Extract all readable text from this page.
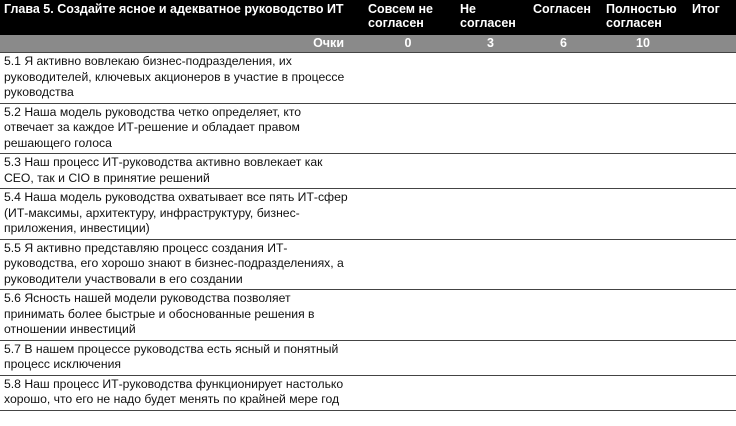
Глава 5. Создайте ясное и адекватное руководство ИТ	Совсем не согласен	Не согласен	Согласен	Полностью согласен	Итог
Очки	0	3	6	10	
5.1 Я активно вовлекаю бизнес-подразделения, их руководителей, ключевых акционеров в участие в процессе руководства					
5.2 Наша модель руководства четко определяет, кто отвечает за каждое ИТ-решение и обладает правом решающего голоса					
5.3 Наш процесс ИТ-руководства активно вовлекает как CEO, так и CIO в принятие решений					
5.4 Наша модель руководства охватывает все пять ИТ-сфер (ИТ-максимы, архитектуру, инфраструктуру, бизнес-приложения, инвестиции)					
5.5 Я активно представляю процесс создания ИТ-руководства, его хорошо знают в бизнес-подразделениях, а руководители участвовали в его создании					
5.6 Ясность нашей модели руководства позволяет принимать более быстрые и обоснованные решения в отношении инвестиций					
5.7 В нашем процессе руководства есть ясный и понятный процесс исключения					
5.8 Наш процесс ИТ-руководства функционирует настолько хорошо, что его не надо будет менять по крайней мере год					
